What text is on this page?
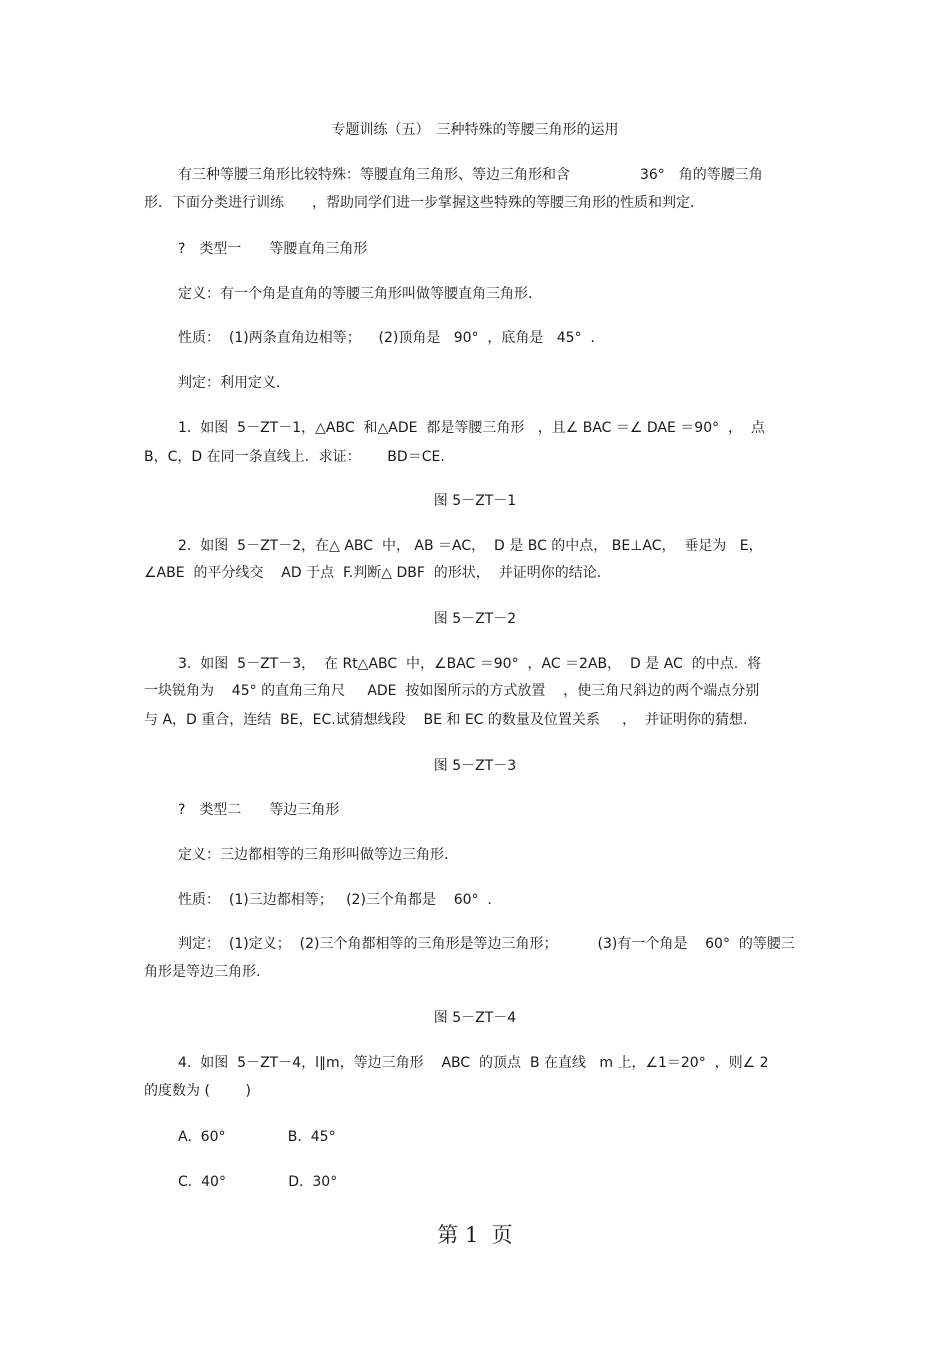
专题训练（五）　三种特殊的等腰三角形的运用

有三种等腰三角形比较特殊：等腰直角三角形、等边三角形和含　　　　　36°　角的等腰三角

形．下面分类进行训练　　，帮助同学们进一步掌握这些特殊的等腰三角形的性质和判定．

?　类型一　　等腰直角三角形

定义：有一个角是直角的等腰三角形叫做等腰直角三角形．

性质：  (1)两条直角边相等；    (2)顶角是   90°  ，底角是   45°  ．

判定：利用定义．

1.  如图  5－ZT－1，△ABC  和△ADE  都是等腰三角形   ，且∠ BAC ＝∠ DAE ＝90°  ，  点

B，C，D 在同一条直线上．求证：      BD＝CE.

图 5－ZT－1

2.  如图  5－ZT－2，在△ ABC  中， AB ＝AC，  D 是 BC 的中点， BE⊥AC，  垂足为   E，

∠ABE  的平分线交    AD 于点  F.判断△ DBF  的形状，  并证明你的结论.

图 5－ZT－2

3.  如图  5－ZT－3，  在 Rt△ABC  中，∠BAC ＝90°  ，AC ＝2AB，  D 是 AC  的中点.  将

一块锐角为    45° 的直角三角尺     ADE  按如图所示的方式放置    ，使三角尺斜边的两个端点分别

与 A，D 重合，连结  BE，EC.试猜想线段    BE 和 EC 的数量及位置关系     ，  并证明你的猜想.

图 5－ZT－3

?　类型二　　等边三角形

定义：三边都相等的三角形叫做等边三角形.

性质：  (1)三边都相等；   (2)三个角都是    60°  .

判定：  (1)定义；  (2)三个角都相等的三角形是等边三角形；         (3)有一个角是    60°  的等腰三

角形是等边三角形.

图 5－ZT－4

4.  如图  5－ZT－4，l∥m，等边三角形    ABC  的顶点  B 在直线   m 上，∠1＝20°  ，则∠ 2

的度数为 (        )

A.  60°              B.  45°

C.  40°              D.  30°

第 1  页
